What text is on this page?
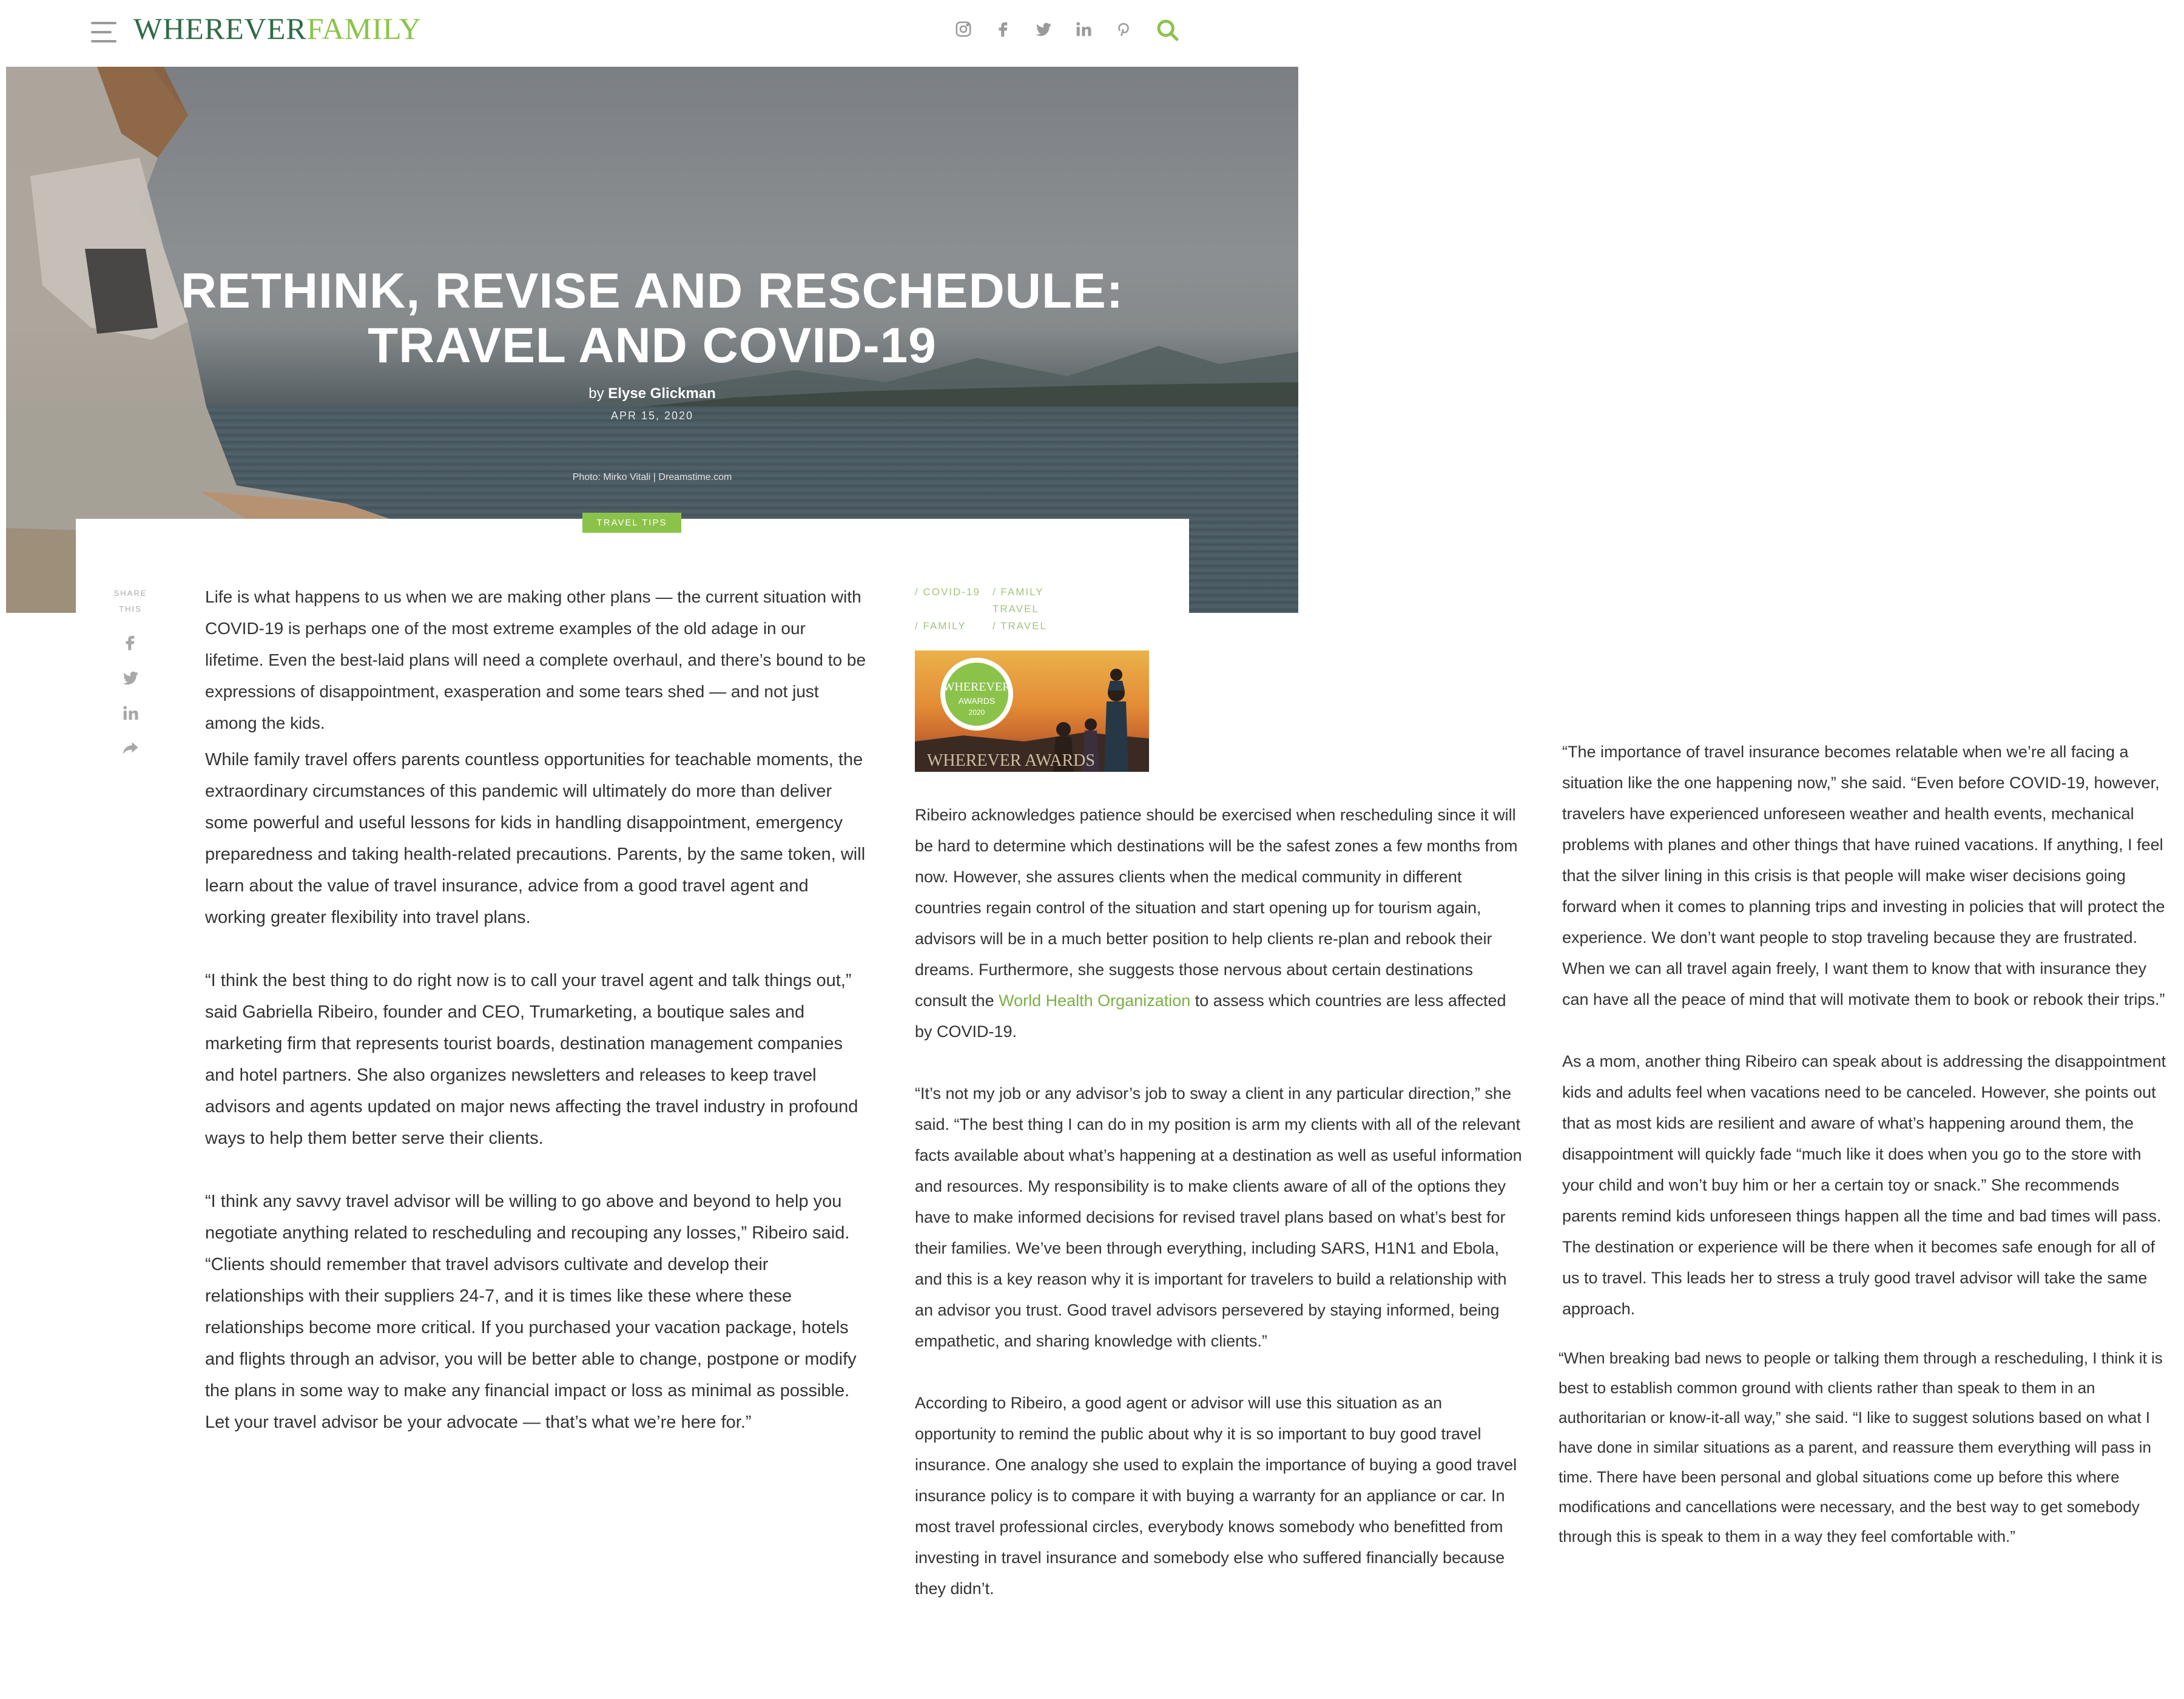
WHEREVERFAMILY
RETHINK, REVISE AND RESCHEDULE:
TRAVEL AND COVID-19
by Elyse Glickman
APR 15, 2020
Photo: Mirko Vitali | Dreamstime.com
TRAVEL TIPS
SHARE
THIS

Life is what happens to us when we are making other plans — the current situation with COVID-19 is perhaps one of the most extreme examples of the old adage in our lifetime. Even the best-laid plans will need a complete overhaul, and there’s bound to be expressions of disappointment, exasperation and some tears shed — and not just among the kids.

While family travel offers parents countless opportunities for teachable moments, the extraordinary circumstances of this pandemic will ultimately do more than deliver some powerful and useful lessons for kids in handling disappointment, emergency preparedness and taking health-related precautions. Parents, by the same token, will learn about the value of travel insurance, advice from a good travel agent and working greater flexibility into travel plans.

“I think the best thing to do right now is to call your travel agent and talk things out,” said Gabriella Ribeiro, founder and CEO, Trumarketing, a boutique sales and marketing firm that represents tourist boards, destination management companies and hotel partners. She also organizes newsletters and releases to keep travel advisors and agents updated on major news affecting the travel industry in profound ways to help them better serve their clients.

“I think any savvy travel advisor will be willing to go above and beyond to help you negotiate anything related to rescheduling and recouping any losses,” Ribeiro said. “Clients should remember that travel advisors cultivate and develop their relationships with their suppliers 24-7, and it is times like these where these relationships become more critical. If you purchased your vacation package, hotels and flights through an advisor, you will be better able to change, postpone or modify the plans in some way to make any financial impact or loss as minimal as possible. Let your travel advisor be your advocate — that’s what we’re here for.”

/ COVID-19	/ FAMILY TRAVEL
/ FAMILY	/ TRAVEL
WHEREVER
AWARDS
2020
WHEREVER AWARDS

Ribeiro acknowledges patience should be exercised when rescheduling since it will be hard to determine which destinations will be the safest zones a few months from now. However, she assures clients when the medical community in different countries regain control of the situation and start opening up for tourism again, advisors will be in a much better position to help clients re-plan and rebook their dreams. Furthermore, she suggests those nervous about certain destinations consult the World Health Organization to assess which countries are less affected by COVID-19.

“It’s not my job or any advisor’s job to sway a client in any particular direction,” she said. “The best thing I can do in my position is arm my clients with all of the relevant facts available about what’s happening at a destination as well as useful information and resources. My responsibility is to make clients aware of all of the options they have to make informed decisions for revised travel plans based on what’s best for their families. We’ve been through everything, including SARS, H1N1 and Ebola, and this is a key reason why it is important for travelers to build a relationship with an advisor you trust. Good travel advisors persevered by staying informed, being empathetic, and sharing knowledge with clients.”

According to Ribeiro, a good agent or advisor will use this situation as an opportunity to remind the public about why it is so important to buy good travel insurance. One analogy she used to explain the importance of buying a good travel insurance policy is to compare it with buying a warranty for an appliance or car. In most travel professional circles, everybody knows somebody who benefitted from investing in travel insurance and somebody else who suffered financially because they didn’t.

“The importance of travel insurance becomes relatable when we’re all facing a situation like the one happening now,” she said. “Even before COVID-19, however, travelers have experienced unforeseen weather and health events, mechanical problems with planes and other things that have ruined vacations. If anything, I feel that the silver lining in this crisis is that people will make wiser decisions going forward when it comes to planning trips and investing in policies that will protect the experience. We don’t want people to stop traveling because they are frustrated. When we can all travel again freely, I want them to know that with insurance they can have all the peace of mind that will motivate them to book or rebook their trips.”

As a mom, another thing Ribeiro can speak about is addressing the disappointment kids and adults feel when vacations need to be canceled. However, she points out that as most kids are resilient and aware of what’s happening around them, the disappointment will quickly fade “much like it does when you go to the store with your child and won’t buy him or her a certain toy or snack.” She recommends parents remind kids unforeseen things happen all the time and bad times will pass. The destination or experience will be there when it becomes safe enough for all of us to travel. This leads her to stress a truly good travel advisor will take the same approach.

“When breaking bad news to people or talking them through a rescheduling, I think it is best to establish common ground with clients rather than speak to them in an authoritarian or know-it-all way,” she said. “I like to suggest solutions based on what I have done in similar situations as a parent, and reassure them everything will pass in time. There have been personal and global situations come up before this where modifications and cancellations were necessary, and the best way to get somebody through this is speak to them in a way they feel comfortable with.”
